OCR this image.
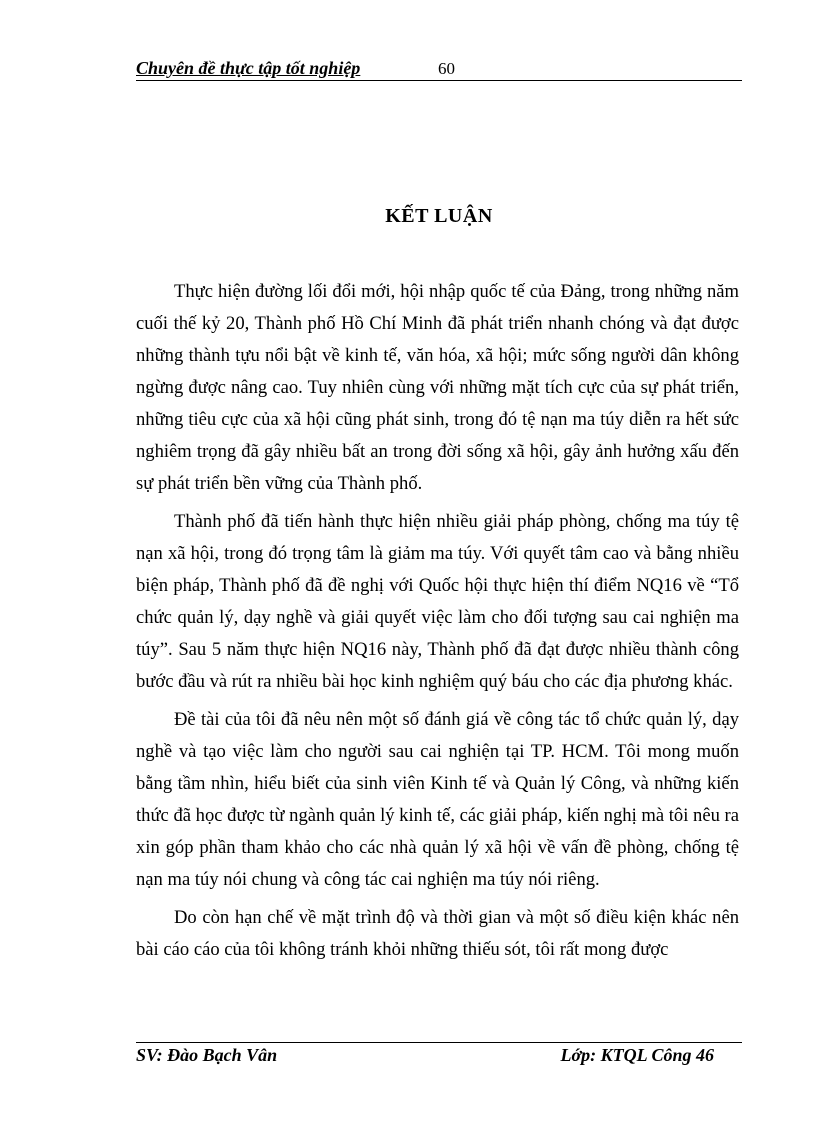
Chuyên đề thực tập tốt nghiệp	60
KẾT LUẬN

Thực hiện đường lối đổi mới, hội nhập quốc tế của Đảng, trong những năm cuối thế kỷ 20, Thành phố Hồ Chí Minh đã phát triển nhanh chóng và đạt được những thành tựu nổi bật về kinh tế, văn hóa, xã hội; mức sống người dân không ngừng được nâng cao. Tuy nhiên cùng với những mặt tích cực của sự phát triển, những tiêu cực của xã hội cũng phát sinh, trong đó tệ nạn ma túy diễn ra hết sức nghiêm trọng đã gây nhiều bất an trong đời sống xã hội, gây ảnh hưởng xấu đến sự phát triển bền vững của Thành phố.

Thành phố đã tiến hành thực hiện nhiều giải pháp phòng, chống ma túy tệ nạn xã hội, trong đó trọng tâm là giảm ma túy. Với quyết tâm cao và bằng nhiều biện pháp, Thành phố đã đề nghị với Quốc hội thực hiện thí điểm NQ16 về “Tổ chức quản lý, dạy nghề và giải quyết việc làm cho đối tượng sau cai nghiện ma túy”. Sau 5 năm thực hiện NQ16 này, Thành phố đã đạt được nhiều thành công bước đầu và rút ra nhiều bài học kinh nghiệm quý báu cho các địa phương khác.

Đề tài của tôi đã nêu nên một số đánh giá về công tác tổ chức quản lý, dạy nghề và tạo việc làm cho người sau cai nghiện tại TP. HCM. Tôi mong muốn bằng tầm nhìn, hiểu biết của sinh viên Kinh tế và Quản lý Công, và những kiến thức đã học được từ ngành quản lý kinh tế, các giải pháp, kiến nghị mà tôi nêu ra xin góp phần tham khảo cho các nhà quản lý xã hội về vấn đề phòng, chống tệ nạn ma túy nói chung và công tác cai nghiện ma túy nói riêng.

Do còn hạn chế về mặt trình độ và thời gian và một số điều kiện khác nên bài cáo cáo của tôi không tránh khỏi những thiếu sót, tôi rất mong được

SV: Đào Bạch Vân	Lớp: KTQL Công 46
